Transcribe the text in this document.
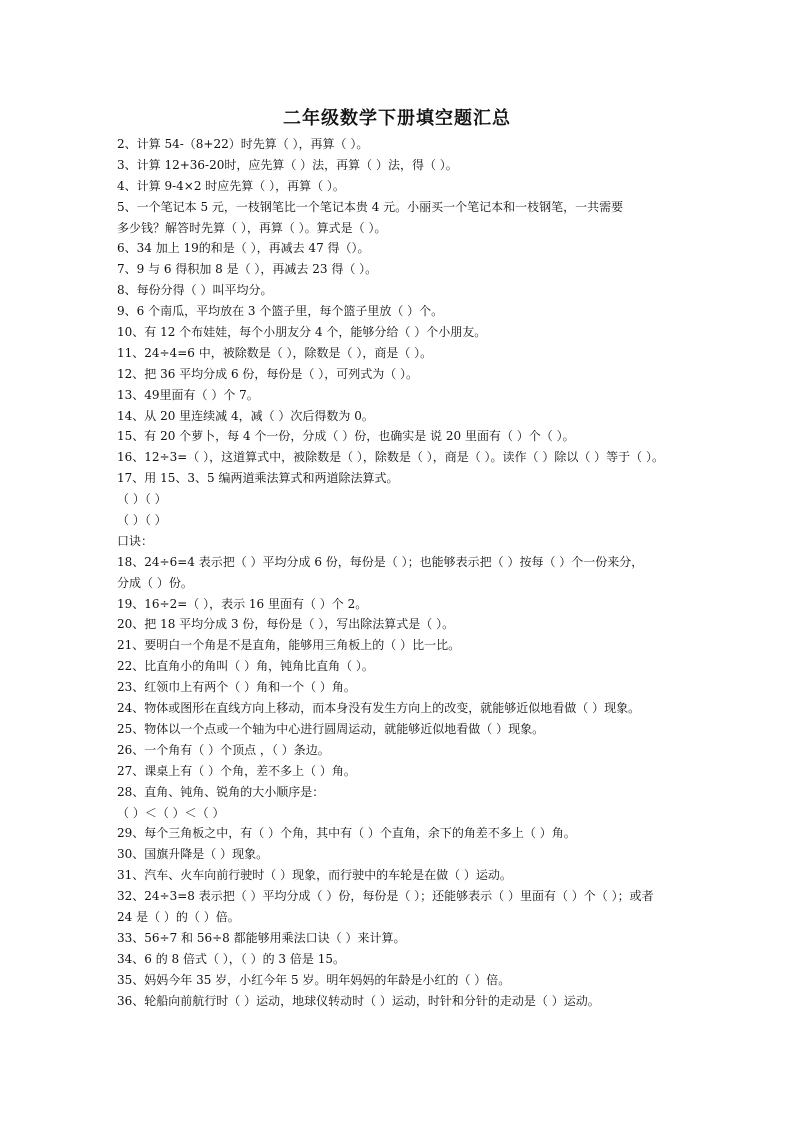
二年级数学下册填空题汇总
2、计算 54-（8+22）时先算（ ），再算（ ）。
3、计算 12+36-20时，应先算（ ）法，再算（ ）法，得（ ）。
4、计算 9-4×2 时应先算（ ），再算（ ）。
5、一个笔记本 5 元，一枝钢笔比一个笔记本贵 4 元。小丽买一个笔记本和一枝钢笔，一共需要
多少钱？解答时先算（ ），再算（ ）。算式是（ ）。
6、34 加上 19的和是（ ），再减去 47 得（）。
7、9 与 6 得积加 8 是（ ），再减去 23 得（ ）。
8、每份分得（ ）叫平均分。
9、6 个南瓜，平均放在 3 个篮子里，每个篮子里放（ ）个。
10、有 12 个布娃娃，每个小朋友分 4 个，能够分给（ ）个小朋友。
11、24÷4=6 中，被除数是（ ），除数是（ ），商是（ ）。
12、把 36 平均分成 6 份，每份是（ ），可列式为（ ）。
13、49里面有（ ）个 7。
14、从 20 里连续减 4，减（ ）次后得数为 0。
15、有 20 个萝卜，每 4 个一份，分成（ ）份，也确实是 说 20 里面有（ ）个（ ）。
16、12÷3=（ ），这道算式中，被除数是（ ），除数是（ ），商是（ ）。读作（ ）除以（ ）等于（ ）。
17、用 15、3、5 编两道乘法算式和两道除法算式。
（ ）（ ）
（ ）（ ）
口诀：
18、24÷6=4 表示把（ ）平均分成 6 份，每份是（ ）；也能够表示把（ ）按每（ ）个一份来分，
分成（ ）份。
19、16÷2=（ ），表示 16 里面有（ ）个 2。
20、把 18 平均分成 3 份，每份是（ ），写出除法算式是（ ）。
21、要明白一个角是不是直角，能够用三角板上的（ ）比一比。
22、比直角小的角叫（ ）角，钝角比直角（ ）。
23、红领巾上有两个（ ）角和一个（ ）角。
24、物体或图形在直线方向上移动，而本身没有发生方向上的改变，就能够近似地看做（ ）现象。
25、物体以一个点或一个轴为中心进行圆周运动，就能够近似地看做（ ）现象。
26、一个角有（ ）个顶点 ，（ ）条边。
27、课桌上有（ ）个角，差不多上（ ）角。
28、直角、钝角、锐角的大小顺序是：
（ ）＜（ ）＜（ ）
29、每个三角板之中，有（ ）个角，其中有（ ）个直角，余下的角差不多上（ ）角。
30、国旗升降是（ ）现象。
31、汽车、火车向前行驶时（ ）现象，而行驶中的车轮是在做（ ）运动。
32、24÷3=8 表示把（ ）平均分成（ ）份，每份是（ ）；还能够表示（ ）里面有（ ）个（ ）；或者
24 是（ ）的（ ）倍。
33、56÷7 和 56÷8 都能够用乘法口诀（ ）来计算。
34、6 的 8 倍式（ ），（ ）的 3 倍是 15。
35、妈妈今年 35 岁，小红今年 5 岁。明年妈妈的年龄是小红的（ ）倍。
36、轮船向前航行时（ ）运动，地球仪转动时（ ）运动，时针和分针的走动是（ ）运动。
